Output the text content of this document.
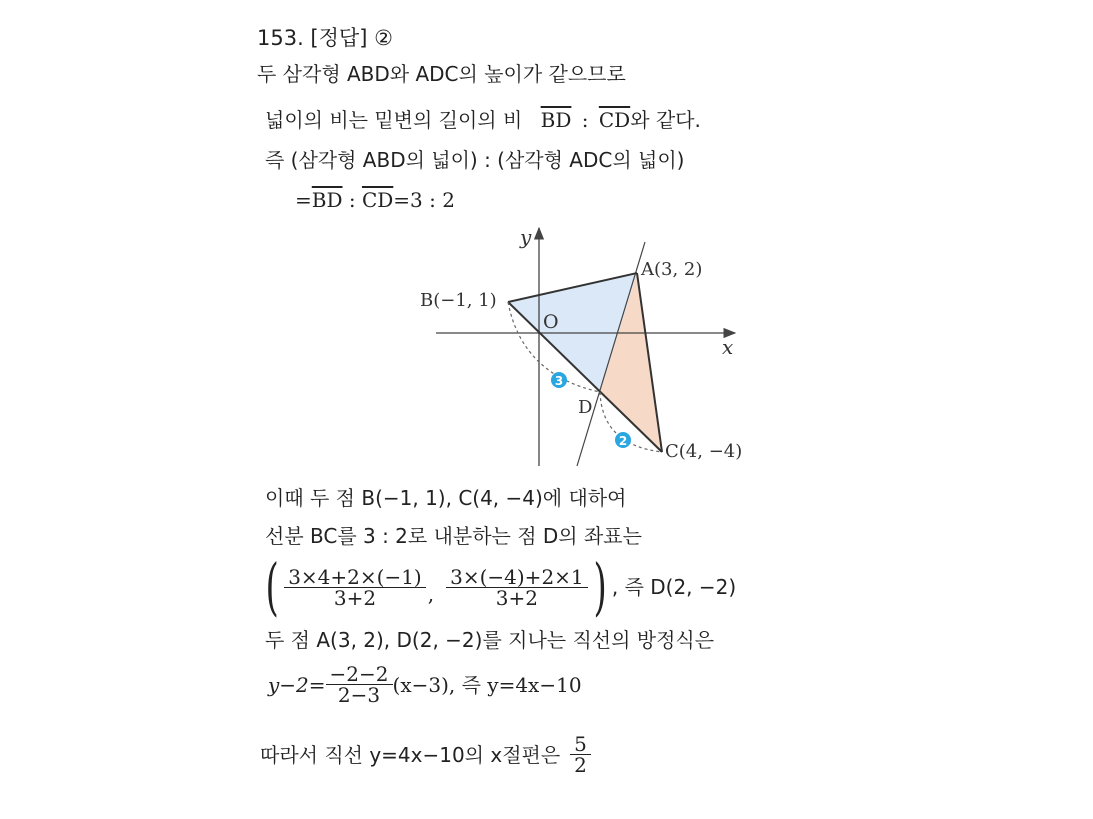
153. [정답] ②
두 삼각형 ABD와 ADC의 높이가 같으므로
넓이의 비는 밑변의 길이의 비 $\overline{BD}$ : $\overline{CD}$와 같다.
즉 (삼각형 ABD의 넓이) : (삼각형 ADC의 넓이)
$=\overline{BD}$ : $\overline{CD}=3$ : 2
y
x
O
A(3, 2)
B(−1, 1)
C(4, −4)
D
3
2
이때 두 점 B(−1, 1), C(4, −4)에 대하여
선분 BC를 3 : 2로 내분하는 점 D의 좌표는
( $\frac{3\times 4+2\times(-1)}{3+2}$ , $\frac{3\times(-4)+2\times 1}{3+2}$ ) , 즉 D(2, −2)
두 점 A(3, 2), D(2, −2)를 지나는 직선의 방정식은
$y-2= \frac{-2-2}{2-3} (x-3)$, 즉 y=4x−10
따라서 직선 y=4x−10의 x절편은 $\frac{5}{2}$
